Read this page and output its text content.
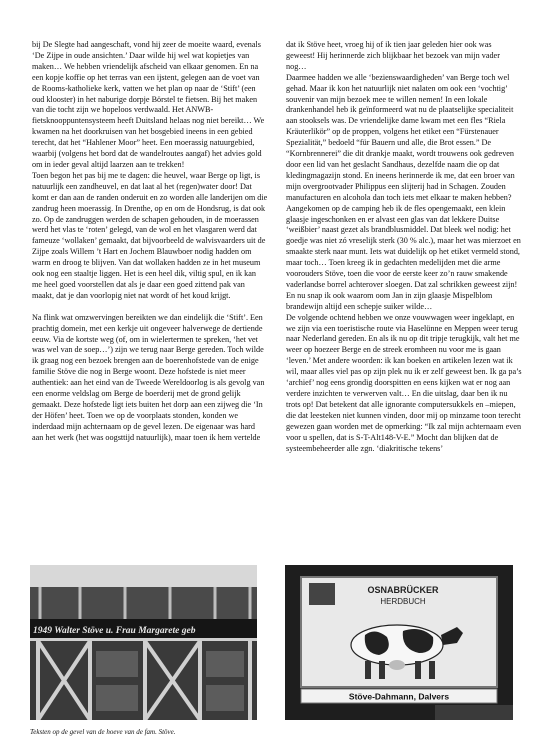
bij De Slegte had aangeschaft, vond hij zeer de moeite waard, evenals ‘De Zijpe in oude ansichten.’ Daar wilde hij wel wat kopietjes van maken… We hebben vriendelijk afscheid van elkaar genomen. En na een kopje koffie op het terras van een ijstent, gelegen aan de voet van de Rooms-katholieke kerk, vatten we het plan op naar de ‘Stift’ (een oud klooster) in het naburige dorpje Börstel te fietsen. Bij het maken van die tocht zijn we hopeloos verdwaald. Het ANWB-fietsknooppuntensysteem heeft Duitsland helaas nog niet bereikt… We kwamen na het doorkruisen van het bosgebied ineens in een gebied terecht, dat het “Hahlener Moor” heet. Een moerassig natuurgebied, waarbij (volgens het bord dat de wandelroutes aangaf) het advies gold om in ieder geval altijd laarzen aan te trekken!

Toen begon het pas bij me te dagen: die heuvel, waar Berge op ligt, is natuurlijk een zandheuvel, en dat laat al het (regen)water door! Dat komt er dan aan de randen onderuit en zo worden alle landerijen om die zandrug heen moerassig. In Drenthe, op en om de Hondsrug, is dat ook zo. Op de zandruggen werden de schapen gehouden, in de moerassen werd het vlas te ‘roten’ gelegd, van de wol en het vlasgaren werd dat fameuze ‘wollaken’ gemaakt, dat bijvoorbeeld de walvisvaarders uit de Zijpe zoals Willem ’t Hart en Jochem Blauwboer nodig hadden om warm en droog te blijven. Van dat wollaken hadden ze in het museum ook nog een staaltje liggen. Het is een heel dik, viltig spul, en ik kan me heel goed voorstellen dat als je daar een goed zittend pak van maakt, dat je dan voorlopig niet nat wordt of het koud krijgt.

Na flink wat omzwervingen bereikten we dan eindelijk die ‘Stift’. Een prachtig domein, met een kerkje uit ongeveer halverwege de dertiende eeuw. Via de kortste weg (of, om in wielertermen te spreken, ‘het vet was wel van de soep…’) zijn we terug naar Berge gereden. Toch wilde ik graag nog een bezoek brengen aan de boerenhofstede van de enige familie Stöve die nog in Berge woont. Deze hofstede is niet meer authentiek: aan het eind van de Tweede Wereldoorlog is als gevolg van een enorme veldslag om Berge de boerderij met de grond gelijk gemaakt. Deze hofstede ligt iets buiten het dorp aan een zijweg die ‘In der Höfen’ heet. Toen we op de voorplaats stonden, konden we inderdaad mijn achternaam op de gevel lezen. De eigenaar was hard aan het werk (het was oogsttijd natuurlijk), maar toen ik hem vertelde

dat ik Stöve heet, vroeg hij of ik tien jaar geleden hier ook was geweest! Hij herinnerde zich blijkbaar het bezoek van mijn vader nog…

Daarmee hadden we alle ‘bezienswaardigheden’ van Berge toch wel gehad. Maar ik kon het natuurlijk niet nalaten om ook een ‘vochtig’ souvenir van mijn bezoek mee te willen nemen! In een lokale drankenhandel heb ik geïnformeerd wat nu de plaatselijke specialiteit aan stooksels was. De vriendelijke dame kwam met een fles “Riela Kräuterlikör” op de proppen, volgens het etiket een “Fürstenauer Spezialität,” bedoeld “für Bauern und alle, die Brot essen.” De “Kornbrennerei” die dit drankje maakt, wordt trouwens ook gedreven door een lid van het geslacht Sandhaus, dezelfde naam die op dat kledingmagazijn stond. En ineens herinnerde ik me, dat een broer van mijn overgrootvader Philippus een slijterij had in Schagen. Zouden manufacturen en alcohola dan toch iets met elkaar te maken hebben? Aangekomen op de camping heb ik de fles opengemaakt, een klein glaasje ingeschonken en er alvast een glas van dat lekkere Duitse ‘weißbier’ naast gezet als brandblusmiddel. Dat bleek wel nodig: het goedje was niet zó vreselijk sterk (30 % alc.), maar het was mierzoet en smaakte sterk naar munt. Iets wat duidelijk op het etiket vermeld stond, maar toch… Toen kreeg ik in gedachten medelijden met die arme voorouders Stöve, toen die voor de eerste keer zo’n rauw smakende vaderlandse borrel achterover sloegen. Dat zal schrikken geweest zijn! En nu snap ik ook waarom oom Jan in zijn glaasje Mispelblom brandewijn altijd een schepje suiker wilde…

De volgende ochtend hebben we onze vouwwagen weer ingeklapt, en we zijn via een toeristische route via Haselünne en Meppen weer terug naar Nederland gereden. En als ik nu op dit tripje terugkijk, valt het me weer op hoezeer Berge en de streek eromheen nu voor me is gaan ‘leven.’ Met andere woorden: ik kan boeken en artikelen lezen wat ik wil, maar alles viel pas op zijn plek nu ik er zelf geweest ben. Ik ga pa’s ‘archief’ nog eens grondig doorspitten en eens kijken wat er nog aan verdere inzichten te verwerven valt… En die uitslag, daar ben ik nu trots op! Dat betekent dat alle ignorante computersukkels en –miepen, die dat leesteken niet kunnen vinden, door mij op minzame toon terecht gewezen gaan worden met de opmerking: “Ik zal mijn achternaam even voor u spellen, dat is S-T-Alt148-V-E.” Mocht dan blijken dat de systeembeheerder alle zgn. ‘diakritische tekens’

1949 Walter Stöve u. Frau Margarete geb
OSNABRÜCKER
HERDBUCH
Stöve-Dahmann, Dalvers
Teksten op de gevel van de hoeve van de fam. Stöve.
